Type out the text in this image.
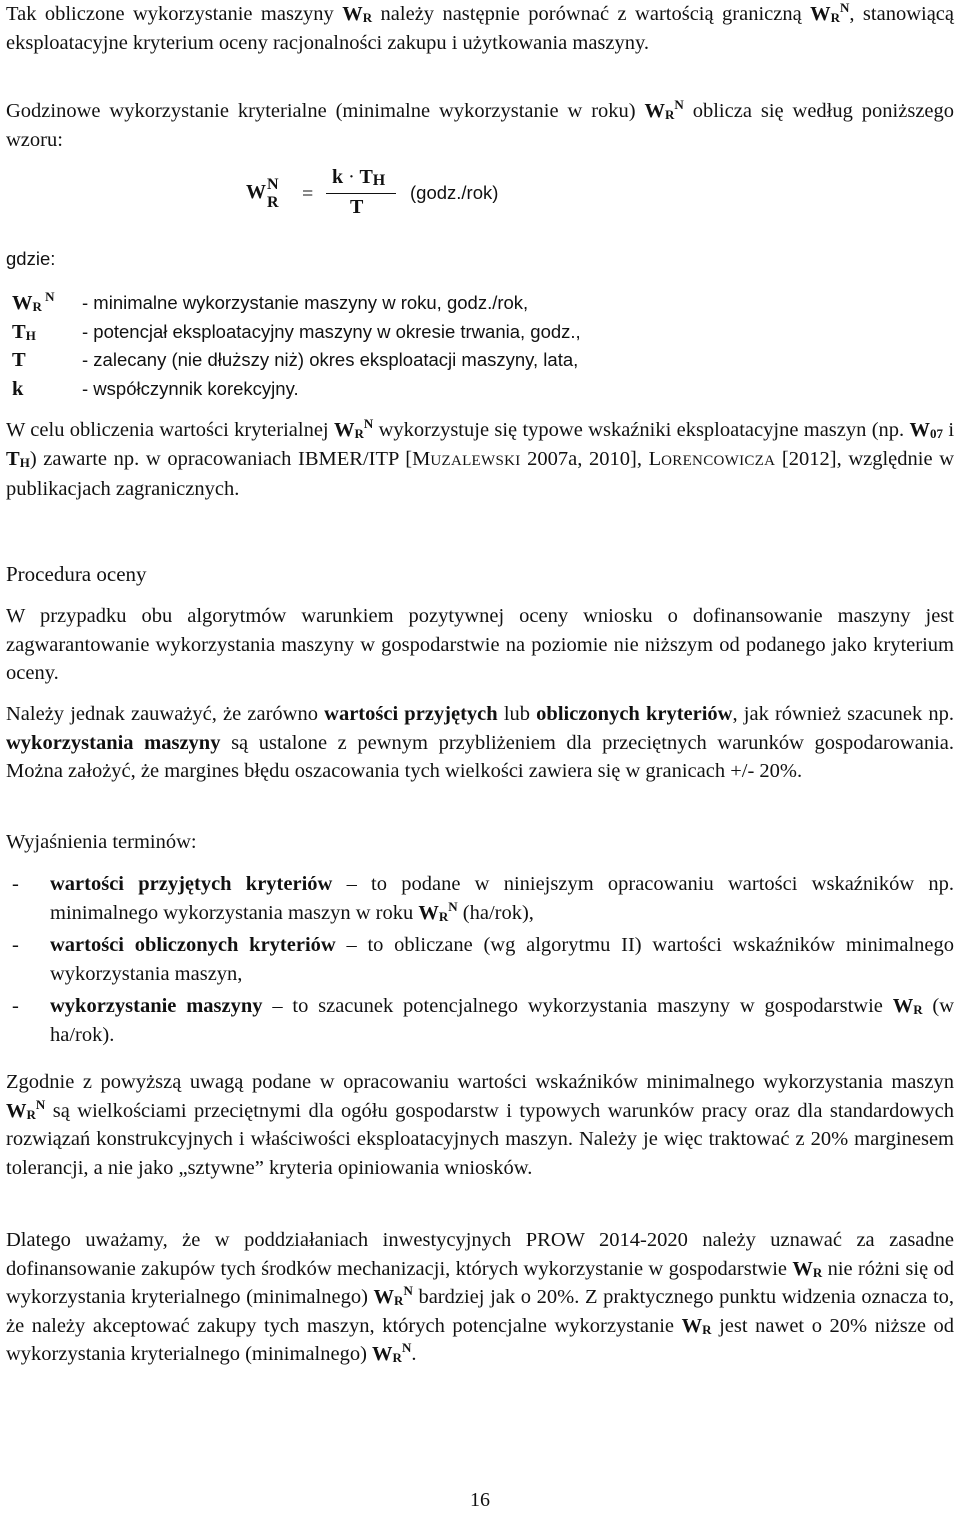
Tak obliczone wykorzystanie maszyny $W_R$ należy następnie porównać z wartością graniczną $W_R^N$, stanowiącą eksploatacyjne kryterium oceny racjonalności zakupu i użytkowania maszyny.

Godzinowe wykorzystanie kryterialne (minimalne wykorzystanie w roku) $W_R^N$ oblicza się według poniższego wzoru:

W N
R =
$k \cdot T_H$
T
(godz./rok)

gdzie:

$W_R$ $^N$ - minimalne wykorzystanie maszyny w roku, godz./rok,
$T_H$ - potencjał eksploatacyjny maszyny w okresie trwania, godz.,
T	- zalecany (nie dłuższy niż) okres eksploatacji maszyny, lata,
k	- współczynnik korekcyjny.

W celu obliczenia wartości kryterialnej $W_R^N$ wykorzystuje się typowe wskaźniki eksploatacyjne maszyn (np. $W_{07}$ i $T_H$) zawarte np. w opracowaniach IBMER/ITP [MUZALEWSKI 2007a, 2010], LORENCOWICZA [2012], względnie w publikacjach zagranicznych.

Procedura oceny

W przypadku obu algorytmów warunkiem pozytywnej oceny wniosku o dofinansowanie maszyny jest zagwarantowanie wykorzystania maszyny w gospodarstwie na poziomie nie niższym od podanego jako kryterium oceny.

Należy jednak zauważyć, że zarówno wartości przyjętych lub obliczonych kryteriów, jak również szacunek np. wykorzystania maszyny są ustalone z pewnym przybliżeniem dla przeciętnych warunków gospodarowania. Można założyć, że margines błędu oszacowania tych wielkości zawiera się w granicach +/- 20%.

Wyjaśnienia terminów:

- wartości przyjętych kryteriów – to podane w niniejszym opracowaniu wartości wskaźników np. minimalnego wykorzystania maszyn w roku $W_R^N$ (ha/rok),

- wartości obliczonych kryteriów – to obliczane (wg algorytmu II) wartości wskaźników minimalnego wykorzystania maszyn,

- wykorzystanie maszyny – to szacunek potencjalnego wykorzystania maszyny w gospodarstwie $W_R$ (w ha/rok).

Zgodnie z powyższą uwagą podane w opracowaniu wartości wskaźników minimalnego wykorzystania maszyn $W_R^N$ są wielkościami przeciętnymi dla ogółu gospodarstw i typowych warunków pracy oraz dla standardowych rozwiązań konstrukcyjnych i właściwości eksploatacyjnych maszyn. Należy je więc traktować z 20% marginesem tolerancji, a nie jako „sztywne” kryteria opiniowania wniosków.

Dlatego uważamy, że w poddziałaniach inwestycyjnych PROW 2014-2020 należy uznawać za zasadne dofinansowanie zakupów tych środków mechanizacji, których wykorzystanie w gospodarstwie $W_R$ nie różni się od wykorzystania kryterialnego (minimalnego) $W_R^N$ bardziej jak o 20%. Z praktycznego punktu widzenia oznacza to, że należy akceptować zakupy tych maszyn, których potencjalne wykorzystanie $W_R$ jest nawet o 20% niższe od wykorzystania kryterialnego (minimalnego) $W_R^N$.

16
